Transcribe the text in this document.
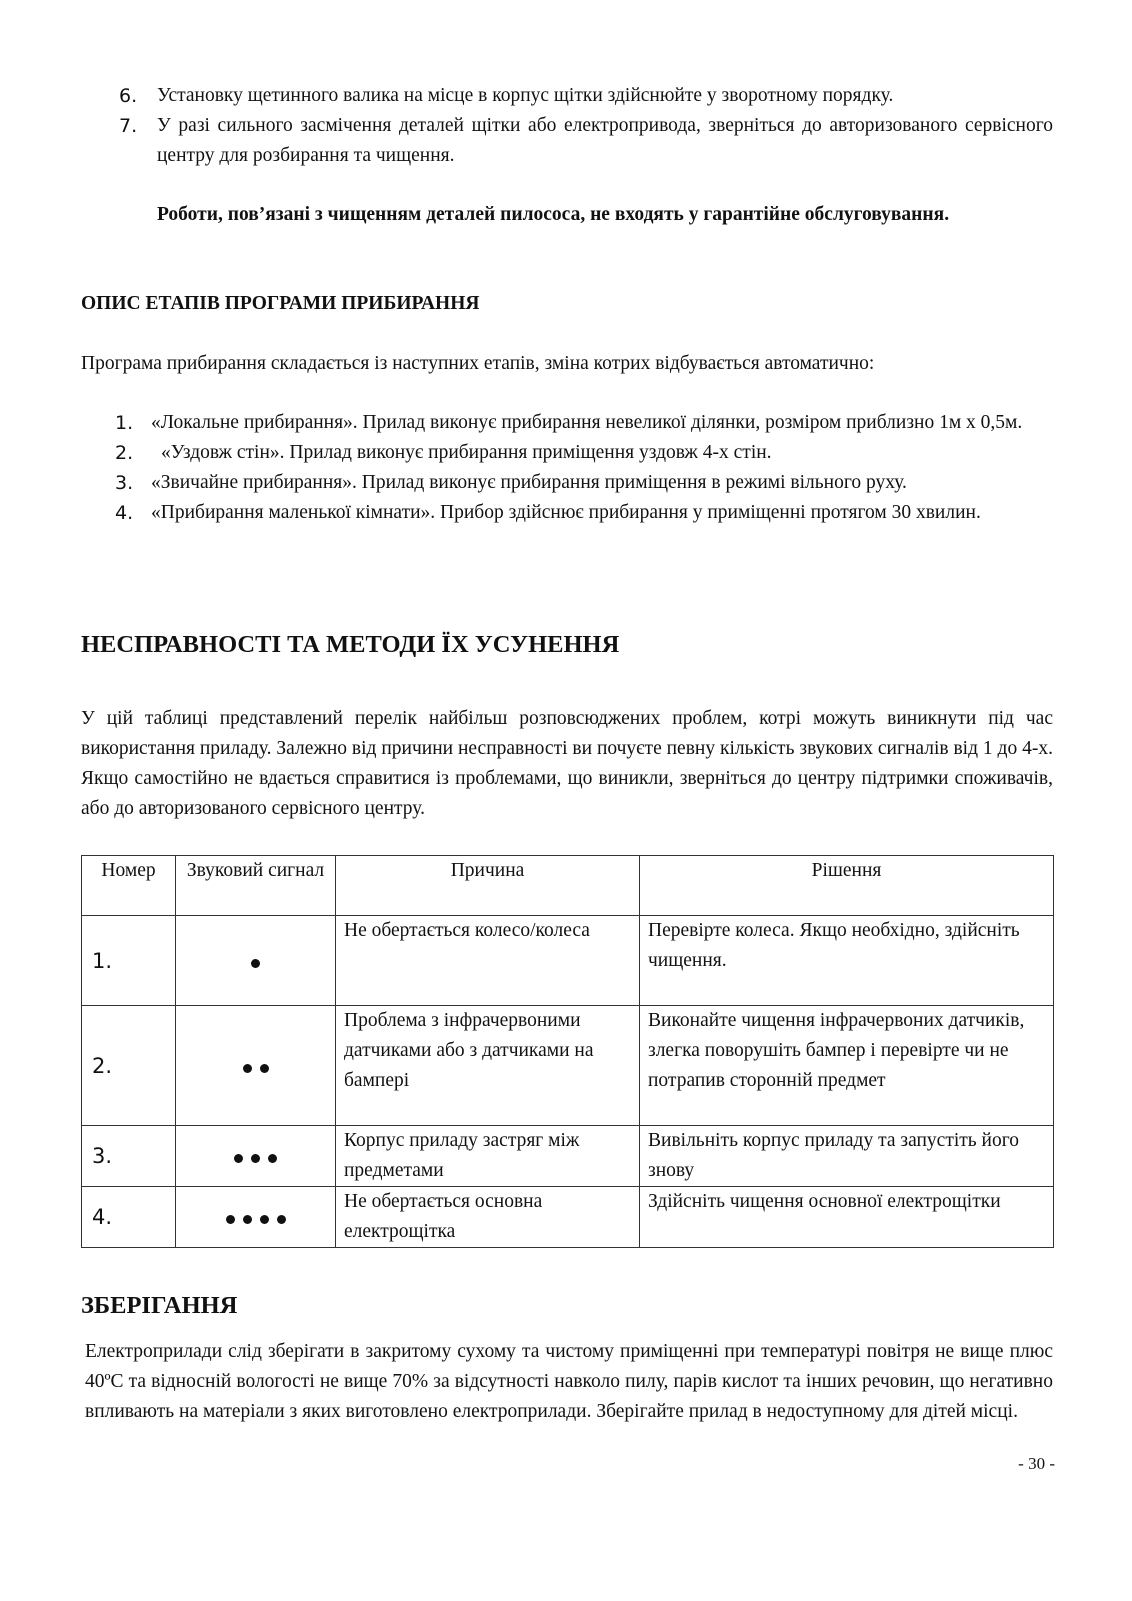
6. Установку щетинного валика на місце в корпус щітки здійснюйте у зворотному порядку.
7. У разі сильного засмічення деталей щітки або електропривода, зверніться до авторизованого сервісного центру для розбирання та чищення.
Роботи, пов’язані з чищенням деталей пилососа, не входять у гарантійне обслуговування.
ОПИС ЕТАПІВ ПРОГРАМИ ПРИБИРАННЯ
Програма прибирання складається із наступних етапів, зміна котрих відбувається автоматично:
1. «Локальне прибирання». Прилад виконує прибирання невеликої ділянки, розміром приблизно 1м x 0,5м.
2. «Уздовж стін». Прилад виконує прибирання приміщення уздовж 4-х стін.
3. «Звичайне прибирання». Прилад виконує прибирання приміщення в режимі вільного руху.
4. «Прибирання маленької кімнати». Прибор здійснює прибирання у приміщенні протягом 30 хвилин.
НЕСПРАВНОСТІ ТА МЕТОДИ ЇХ УСУНЕННЯ
У цій таблиці представлений перелік найбільш розповсюджених проблем, котрі можуть виникнути під час використання приладу. Залежно від причини несправності ви почуєте певну кількість звукових сигналів від 1 до 4-х. Якщо самостійно не вдається справитися із проблемами, що виникли, зверніться до центру підтримки споживачів, або до авторизованого сервісного центру.
Номер	Звуковий сигнал	Причина	Рішення
1.		Не обертається колесо/колеса	Перевірте колеса. Якщо необхідно, здійсніть чищення.
2.		Проблема з інфрачервоними датчиками або з датчиками на бампері	Виконайте чищення інфрачервоних датчиків, злегка поворушіть бампер і перевірте чи не потрапив сторонній предмет
3.		Корпус приладу застряг між предметами	Вивільніть корпус приладу та запустіть його знову
4.		Не обертається основна електрощітка	Здійсніть чищення основної електрощітки
ЗБЕРІГАННЯ
Електроприлади слід зберігати в закритому сухому та чистому приміщенні при температурі повітря не вище плюс 40ºС та відносній вологості не вище 70% за відсутності навколо пилу, парів кислот та інших речовин, що негативно впливають на матеріали з яких виготовлено електроприлади. Зберігайте прилад в недоступному для дітей місці.
- 30 -
